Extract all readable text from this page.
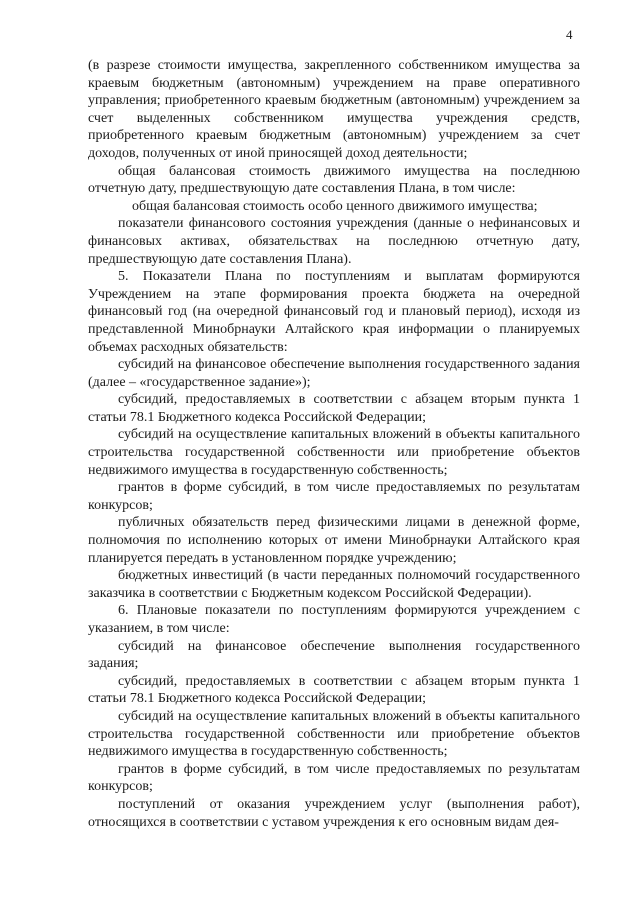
4

(в разрезе стоимости имущества, закрепленного собственником имущества за краевым бюджетным (автономным) учреждением на праве оперативного управления; приобретенного краевым бюджетным (автономным) учреждением за счет выделенных собственником имущества учреждения средств, приобретенного краевым бюджетным (автономным) учреждением за счет доходов, полученных от иной приносящей доход деятельности;

общая балансовая стоимость движимого имущества на последнюю отчетную дату, предшествующую дате составления Плана, в том числе:

общая балансовая стоимость особо ценного движимого имущества;

показатели финансового состояния учреждения (данные о нефинансовых и финансовых активах, обязательствах на последнюю отчетную дату, предшествующую дате составления Плана).

5. Показатели Плана по поступлениям и выплатам формируются Учреждением на этапе формирования проекта бюджета на очередной финансовый год (на очередной финансовый год и плановый период), исходя из представленной Минобрнауки Алтайского края информации о планируемых объемах расходных обязательств:

субсидий на финансовое обеспечение выполнения государственного задания (далее – «государственное задание»);

субсидий, предоставляемых в соответствии с абзацем вторым пункта 1 статьи 78.1 Бюджетного кодекса Российской Федерации;

субсидий на осуществление капитальных вложений в объекты капитального строительства государственной собственности или приобретение объектов недвижимого имущества в государственную собственность;

грантов в форме субсидий, в том числе предоставляемых по результатам конкурсов;

публичных обязательств перед физическими лицами в денежной форме, полномочия по исполнению которых от имени Минобрнауки Алтайского края планируется передать в установленном порядке учреждению;

бюджетных инвестиций (в части переданных полномочий государственного заказчика в соответствии с Бюджетным кодексом Российской Федерации).

6. Плановые показатели по поступлениям формируются учреждением с указанием, в том числе:

субсидий на финансовое обеспечение выполнения государственного задания;

субсидий, предоставляемых в соответствии с абзацем вторым пункта 1 статьи 78.1 Бюджетного кодекса Российской Федерации;

субсидий на осуществление капитальных вложений в объекты капитального строительства государственной собственности или приобретение объектов недвижимого имущества в государственную собственность;

грантов в форме субсидий, в том числе предоставляемых по результатам конкурсов;

поступлений от оказания учреждением услуг (выполнения работ), относящихся в соответствии с уставом учреждения к его основным видам дея-
